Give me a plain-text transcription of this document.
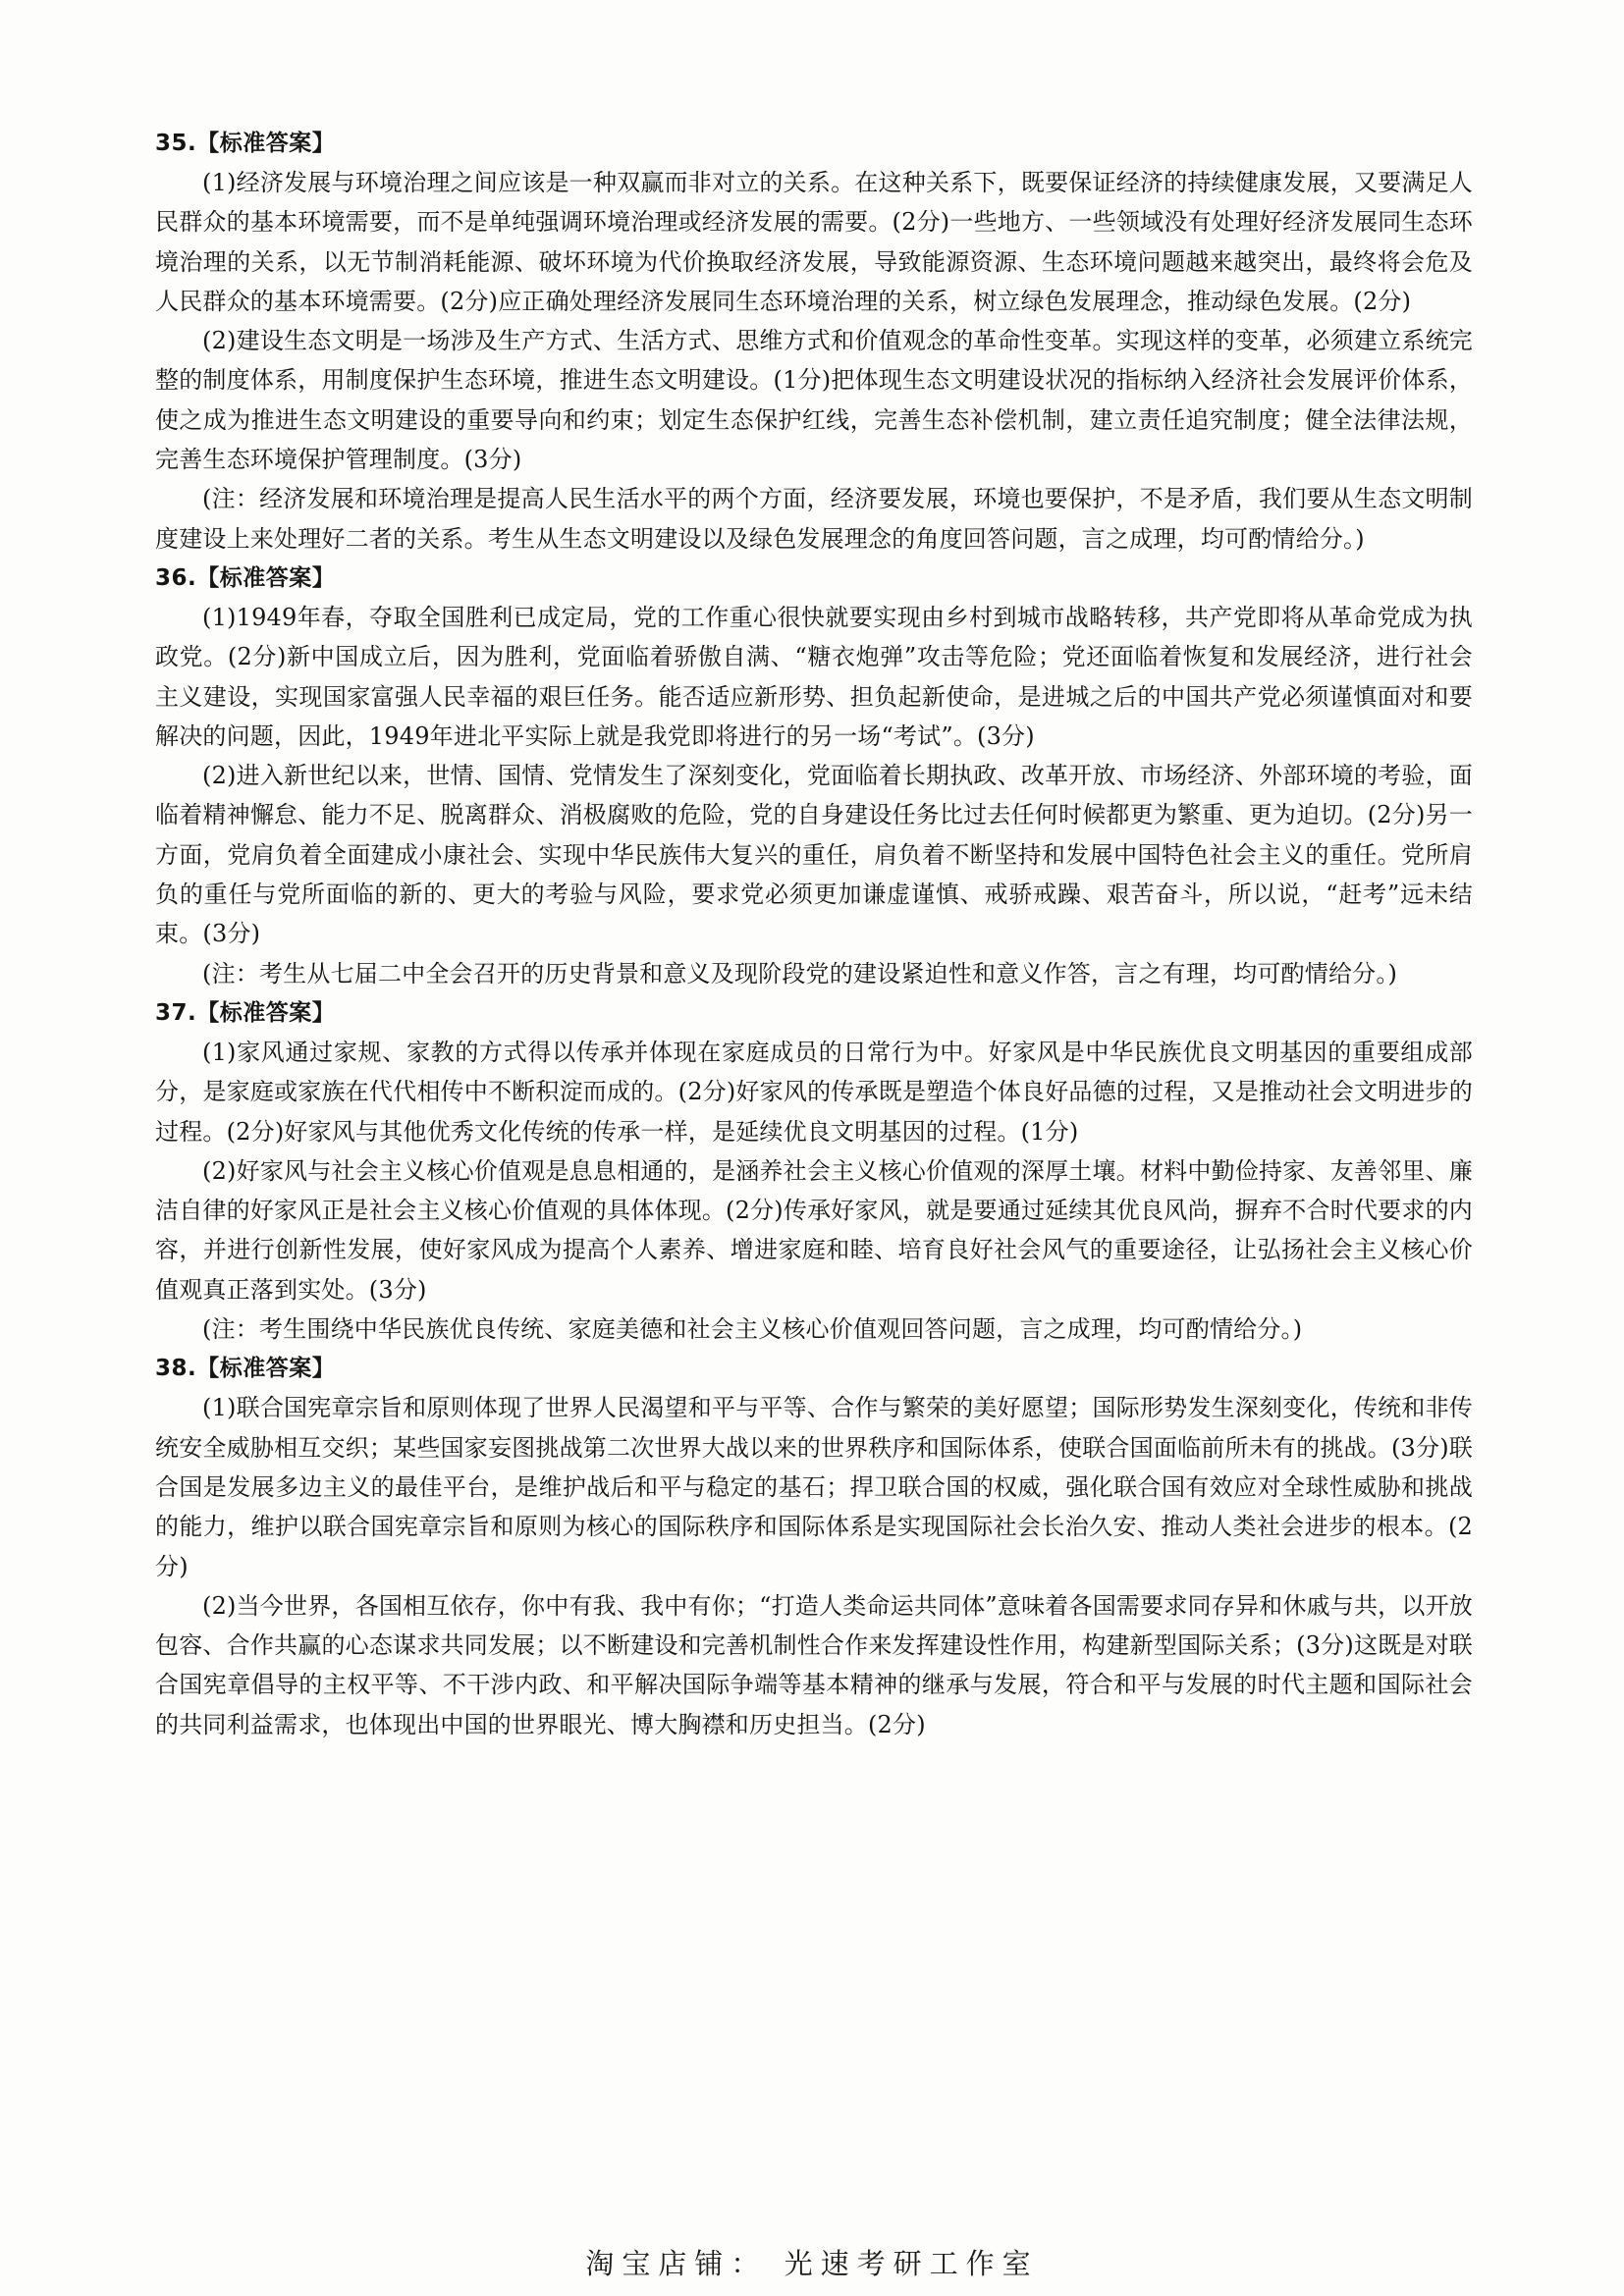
35.【标准答案】

(1)经济发展与环境治理之间应该是一种双赢而非对立的关系。在这种关系下，既要保证经济的持续健康发展，又要满足人民群众的基本环境需要，而不是单纯强调环境治理或经济发展的需要。(2分)一些地方、一些领域没有处理好经济发展同生态环境治理的关系，以无节制消耗能源、破坏环境为代价换取经济发展，导致能源资源、生态环境问题越来越突出，最终将会危及人民群众的基本环境需要。(2分)应正确处理经济发展同生态环境治理的关系，树立绿色发展理念，推动绿色发展。(2分)

(2)建设生态文明是一场涉及生产方式、生活方式、思维方式和价值观念的革命性变革。实现这样的变革，必须建立系统完整的制度体系，用制度保护生态环境，推进生态文明建设。(1分)把体现生态文明建设状况的指标纳入经济社会发展评价体系，使之成为推进生态文明建设的重要导向和约束；划定生态保护红线，完善生态补偿机制，建立责任追究制度；健全法律法规，完善生态环境保护管理制度。(3分)

(注：经济发展和环境治理是提高人民生活水平的两个方面，经济要发展，环境也要保护，不是矛盾，我们要从生态文明制度建设上来处理好二者的关系。考生从生态文明建设以及绿色发展理念的角度回答问题，言之成理，均可酌情给分。)

36.【标准答案】

(1)1949年春，夺取全国胜利已成定局，党的工作重心很快就要实现由乡村到城市战略转移，共产党即将从革命党成为执政党。(2分)新中国成立后，因为胜利，党面临着骄傲自满、“糖衣炮弹”攻击等危险；党还面临着恢复和发展经济，进行社会主义建设，实现国家富强人民幸福的艰巨任务。能否适应新形势、担负起新使命，是进城之后的中国共产党必须谨慎面对和要解决的问题，因此，1949年进北平实际上就是我党即将进行的另一场“考试”。(3分)

(2)进入新世纪以来，世情、国情、党情发生了深刻变化，党面临着长期执政、改革开放、市场经济、外部环境的考验，面临着精神懈怠、能力不足、脱离群众、消极腐败的危险，党的自身建设任务比过去任何时候都更为繁重、更为迫切。(2分)另一方面，党肩负着全面建成小康社会、实现中华民族伟大复兴的重任，肩负着不断坚持和发展中国特色社会主义的重任。党所肩负的重任与党所面临的新的、更大的考验与风险，要求党必须更加谦虚谨慎、戒骄戒躁、艰苦奋斗，所以说，“赶考”远未结束。(3分)

(注：考生从七届二中全会召开的历史背景和意义及现阶段党的建设紧迫性和意义作答，言之有理，均可酌情给分。)

37.【标准答案】

(1)家风通过家规、家教的方式得以传承并体现在家庭成员的日常行为中。好家风是中华民族优良文明基因的重要组成部分，是家庭或家族在代代相传中不断积淀而成的。(2分)好家风的传承既是塑造个体良好品德的过程，又是推动社会文明进步的过程。(2分)好家风与其他优秀文化传统的传承一样，是延续优良文明基因的过程。(1分)

(2)好家风与社会主义核心价值观是息息相通的，是涵养社会主义核心价值观的深厚土壤。材料中勤俭持家、友善邻里、廉洁自律的好家风正是社会主义核心价值观的具体体现。(2分)传承好家风，就是要通过延续其优良风尚，摒弃不合时代要求的内容，并进行创新性发展，使好家风成为提高个人素养、增进家庭和睦、培育良好社会风气的重要途径，让弘扬社会主义核心价值观真正落到实处。(3分)

(注：考生围绕中华民族优良传统、家庭美德和社会主义核心价值观回答问题，言之成理，均可酌情给分。)

38.【标准答案】

(1)联合国宪章宗旨和原则体现了世界人民渴望和平与平等、合作与繁荣的美好愿望；国际形势发生深刻变化，传统和非传统安全威胁相互交织；某些国家妄图挑战第二次世界大战以来的世界秩序和国际体系，使联合国面临前所未有的挑战。(3分)联合国是发展多边主义的最佳平台，是维护战后和平与稳定的基石；捍卫联合国的权威，强化联合国有效应对全球性威胁和挑战的能力，维护以联合国宪章宗旨和原则为核心的国际秩序和国际体系是实现国际社会长治久安、推动人类社会进步的根本。(2分)

(2)当今世界，各国相互依存，你中有我、我中有你；“打造人类命运共同体”意味着各国需要求同存异和休戚与共，以开放包容、合作共赢的心态谋求共同发展；以不断建设和完善机制性合作来发挥建设性作用，构建新型国际关系；(3分)这既是对联合国宪章倡导的主权平等、不干涉内政、和平解决国际争端等基本精神的继承与发展，符合和平与发展的时代主题和国际社会的共同利益需求，也体现出中国的世界眼光、博大胸襟和历史担当。(2分)

淘宝店铺： 光速考研工作室
